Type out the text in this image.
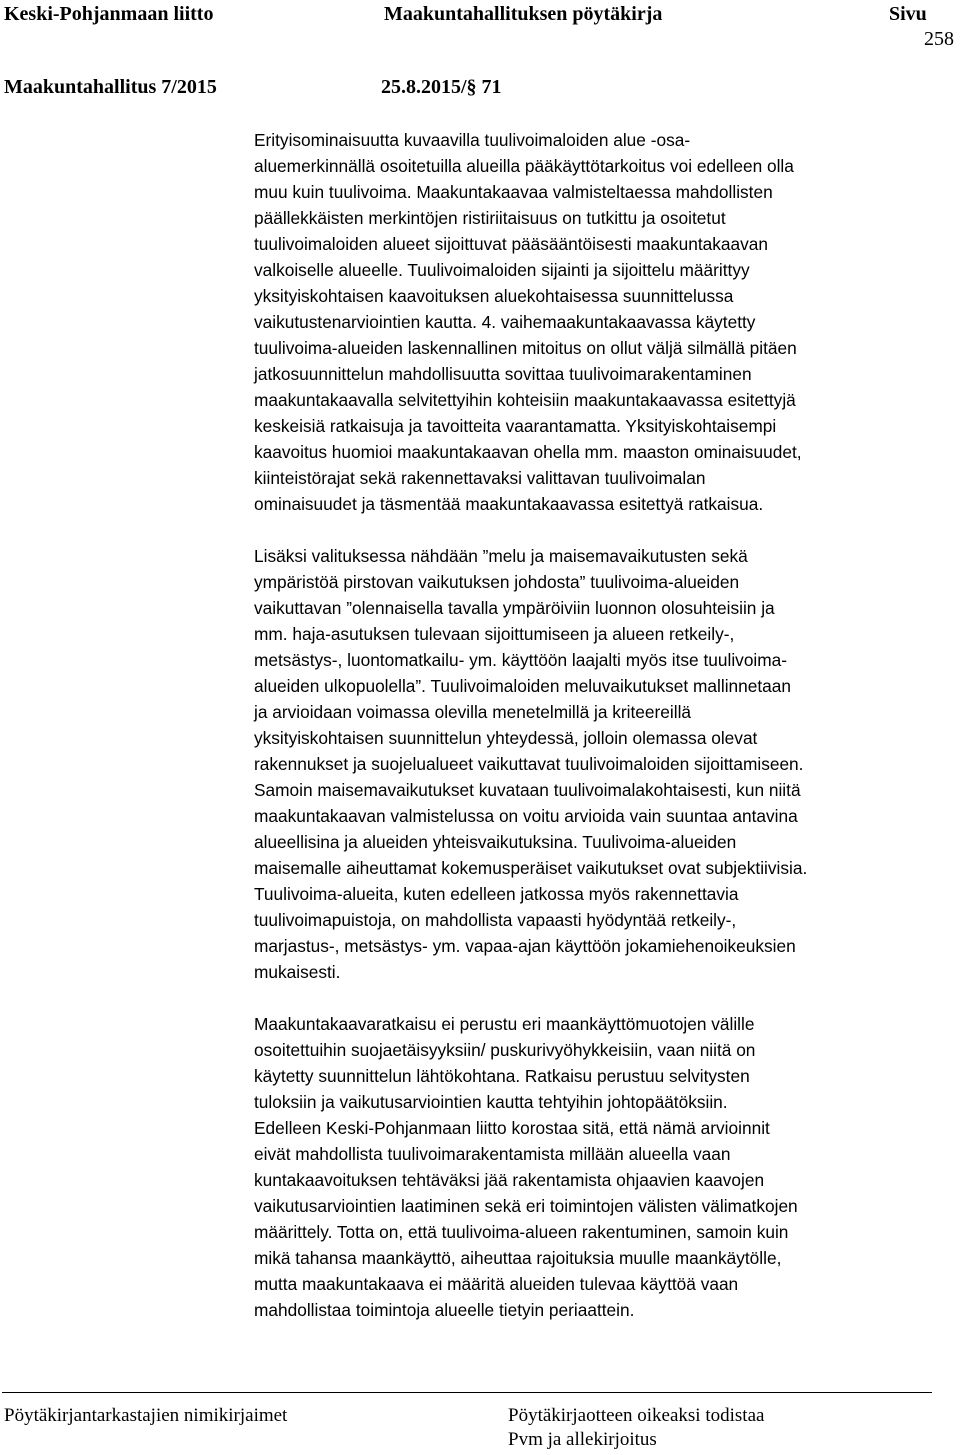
Keski-Pohjanmaan liitto	Maakuntahallituksen pöytäkirja	Sivu
258
Maakuntahallitus 7/2015	25.8.2015/§ 71

Erityisominaisuutta kuvaavilla tuulivoimaloiden alue -osa-
aluemerkinnällä osoitetuilla alueilla pääkäyttötarkoitus voi edelleen olla
muu kuin tuulivoima. Maakuntakaavaa valmisteltaessa mahdollisten
päällekkäisten merkintöjen ristiriitaisuus on tutkittu ja osoitetut
tuulivoimaloiden alueet sijoittuvat pääsääntöisesti maakuntakaavan
valkoiselle alueelle. Tuulivoimaloiden sijainti ja sijoittelu määrittyy
yksityiskohtaisen kaavoituksen aluekohtaisessa suunnittelussa
vaikutustenarviointien kautta. 4. vaihemaakuntakaavassa käytetty
tuulivoima-alueiden laskennallinen mitoitus on ollut väljä silmällä pitäen
jatkosuunnittelun mahdollisuutta sovittaa tuulivoimarakentaminen
maakuntakaavalla selvitettyihin kohteisiin maakuntakaavassa esitettyjä
keskeisiä ratkaisuja ja tavoitteita vaarantamatta. Yksityiskohtaisempi
kaavoitus huomioi maakuntakaavan ohella mm. maaston ominaisuudet,
kiinteistörajat sekä rakennettavaksi valittavan tuulivoimalan
ominaisuudet ja täsmentää maakuntakaavassa esitettyä ratkaisua.

Lisäksi valituksessa nähdään ”melu ja maisemavaikutusten sekä
ympäristöä pirstovan vaikutuksen johdosta” tuulivoima-alueiden
vaikuttavan ”olennaisella tavalla ympäröiviin luonnon olosuhteisiin ja
mm. haja-asutuksen tulevaan sijoittumiseen ja alueen retkeily-,
metsästys-, luontomatkailu- ym. käyttöön laajalti myös itse tuulivoima-
alueiden ulkopuolella”. Tuulivoimaloiden meluvaikutukset mallinnetaan
ja arvioidaan voimassa olevilla menetelmillä ja kriteereillä
yksityiskohtaisen suunnittelun yhteydessä, jolloin olemassa olevat
rakennukset ja suojelualueet vaikuttavat tuulivoimaloiden sijoittamiseen.
Samoin maisemavaikutukset kuvataan tuulivoimalakohtaisesti, kun niitä
maakuntakaavan valmistelussa on voitu arvioida vain suuntaa antavina
alueellisina ja alueiden yhteisvaikutuksina. Tuulivoima-alueiden
maisemalle aiheuttamat kokemusperäiset vaikutukset ovat subjektiivisia.
Tuulivoima-alueita, kuten edelleen jatkossa myös rakennettavia
tuulivoimapuistoja, on mahdollista vapaasti hyödyntää retkeily-,
marjastus-, metsästys- ym. vapaa-ajan käyttöön jokamiehenoikeuksien
mukaisesti.

Maakuntakaavaratkaisu ei perustu eri maankäyttömuotojen välille
osoitettuihin suojaetäisyyksiin/ puskurivyöhykkeisiin, vaan niitä on
käytetty suunnittelun lähtökohtana. Ratkaisu perustuu selvitysten
tuloksiin ja vaikutusarviointien kautta tehtyihin johtopäätöksiin.
Edelleen Keski-Pohjanmaan liitto korostaa sitä, että nämä arvioinnit
eivät mahdollista tuulivoimarakentamista millään alueella vaan
kuntakaavoituksen tehtäväksi jää rakentamista ohjaavien kaavojen
vaikutusarviointien laatiminen sekä eri toimintojen välisten välimatkojen
määrittely. Totta on, että tuulivoima-alueen rakentuminen, samoin kuin
mikä tahansa maankäyttö, aiheuttaa rajoituksia muulle maankäytölle,
mutta maakuntakaava ei määritä alueiden tulevaa käyttöä vaan
mahdollistaa toimintoja alueelle tietyin periaattein.

Pöytäkirjantarkastajien nimikirjaimet	Pöytäkirjaotteen oikeaksi todistaa
Pvm ja allekirjoitus
